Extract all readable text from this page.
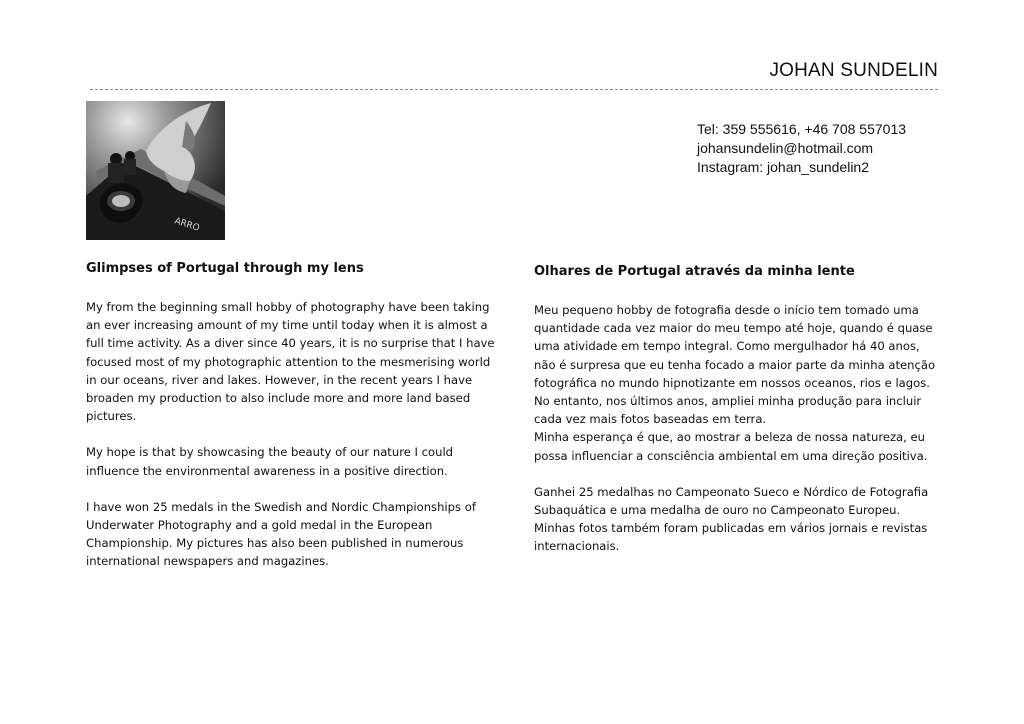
JOHAN SUNDELIN
ARRO
Tel: 359 555616, +46 708 557013
johansundelin@hotmail.com
Instagram: johan_sundelin2
Glimpses of Portugal through my lens

My from the beginning small hobby of photography have been taking an ever increasing amount of my time until today when it is almost a full time activity. As a diver since 40 years, it is no surprise that I have focused most of my photographic attention to the mesmerising world in our oceans, river and lakes. However, in the recent years I have broaden my production to also include more and more land based pictures.

My hope is that by showcasing the beauty of our nature I could influence the environmental awareness in a positive direction.

I have won 25 medals in the Swedish and Nordic Championships of Underwater Photography and a gold medal in the European Championship. My pictures has also been published in numerous international newspapers and magazines.

Olhares de Portugal através da minha lente

Meu pequeno hobby de fotografia desde o início tem tomado uma quantidade cada vez maior do meu tempo até hoje, quando é quase uma atividade em tempo integral. Como mergulhador há 40 anos, não é surpresa que eu tenha focado a maior parte da minha atenção fotográfica no mundo hipnotizante em nossos oceanos, rios e lagos. No entanto, nos últimos anos, ampliei minha produção para incluir cada vez mais fotos baseadas em terra.

Minha esperança é que, ao mostrar a beleza de nossa natureza, eu possa influenciar a consciência ambiental em uma direção positiva.

Ganhei 25 medalhas no Campeonato Sueco e Nórdico de Fotografia Subaquática e uma medalha de ouro no Campeonato Europeu. Minhas fotos também foram publicadas em vários jornais e revistas internacionais.
